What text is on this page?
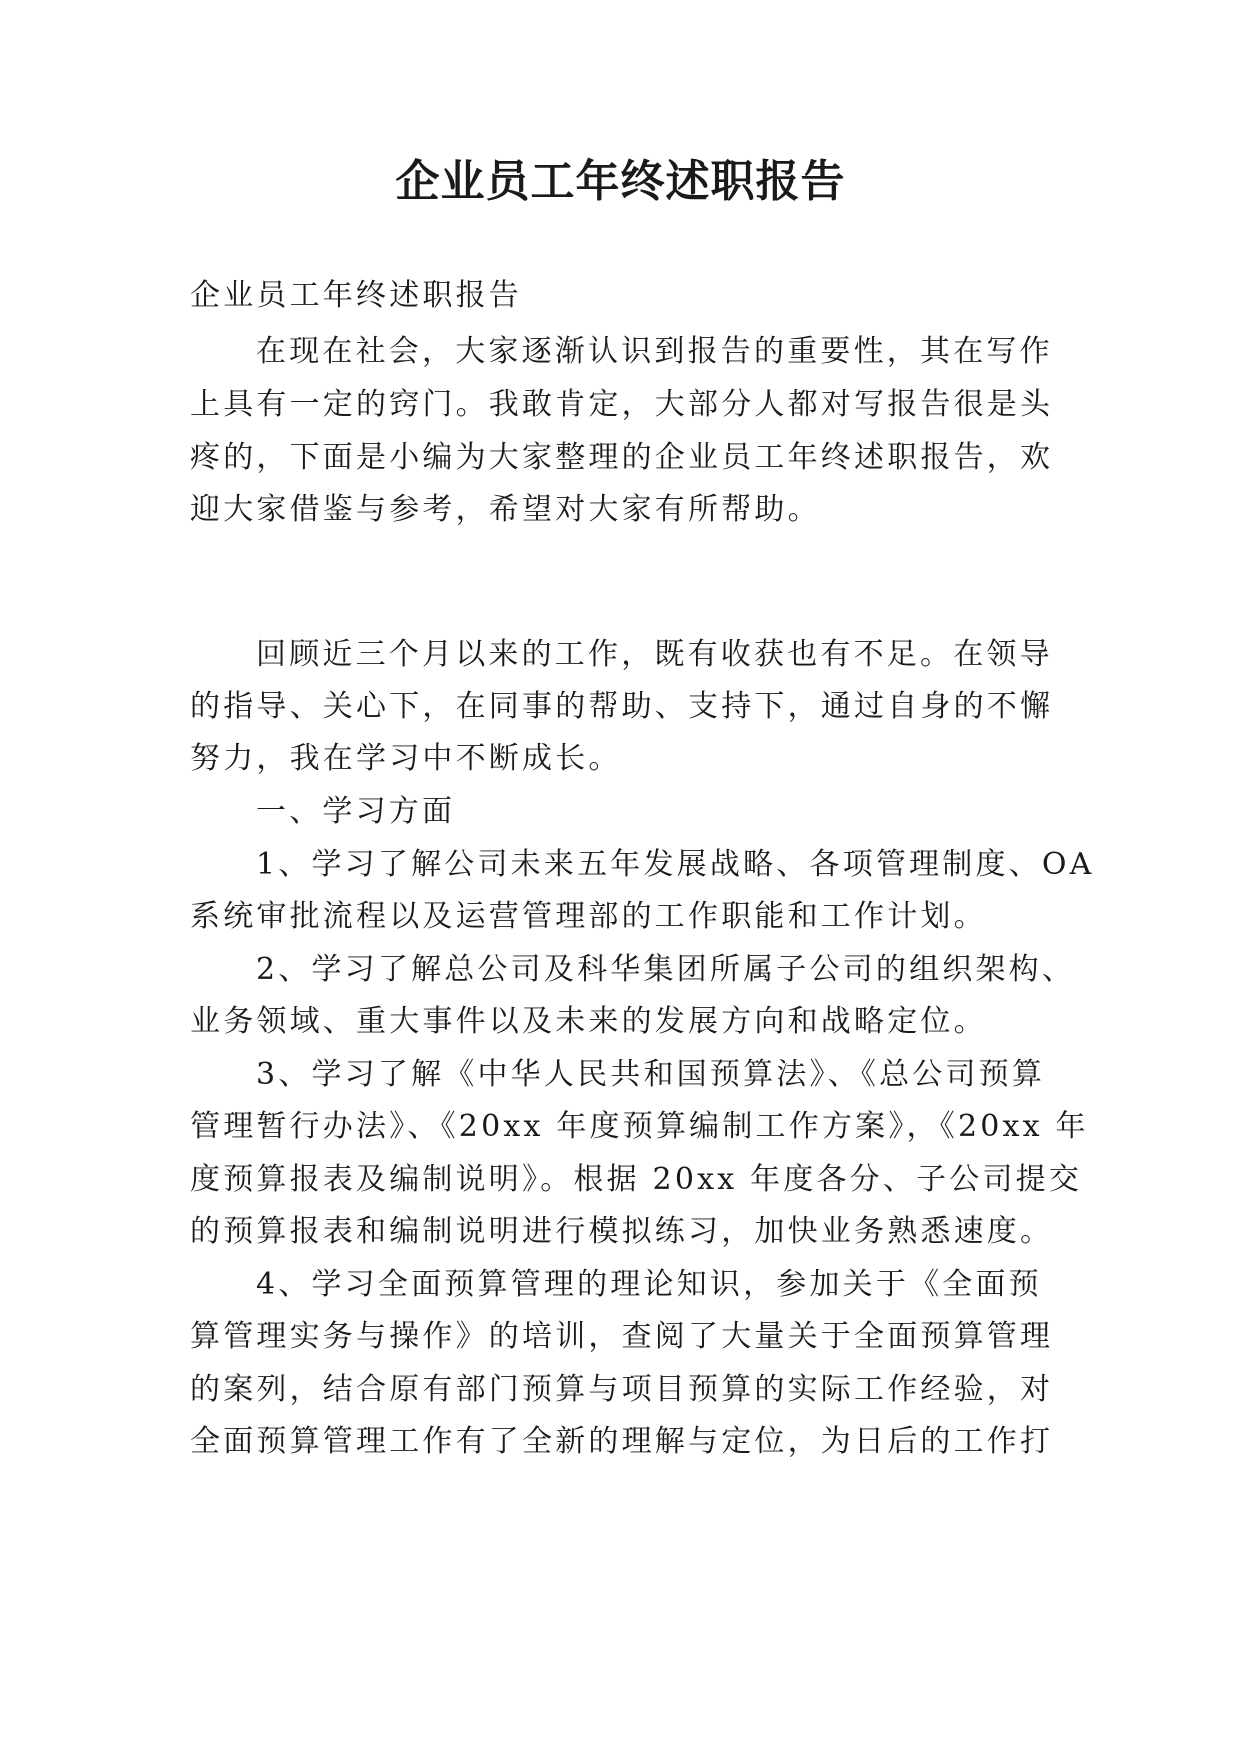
企业员工年终述职报告
企业员工年终述职报告
在现在社会，大家逐渐认识到报告的重要性，其在写作
上具有一定的窍门。我敢肯定，大部分人都对写报告很是头
疼的，下面是小编为大家整理的企业员工年终述职报告，欢
迎大家借鉴与参考，希望对大家有所帮助。
回顾近三个月以来的工作，既有收获也有不足。在领导
的指导、关心下，在同事的帮助、支持下，通过自身的不懈
努力，我在学习中不断成长。
一、学习方面
1、学习了解公司未来五年发展战略、各项管理制度、OA
系统审批流程以及运营管理部的工作职能和工作计划。
2、学习了解总公司及科华集团所属子公司的组织架构、
业务领域、重大事件以及未来的发展方向和战略定位。
3、学习了解《中华人民共和国预算法》、《总公司预算
管理暂行办法》、《20xx 年度预算编制工作方案》，《20xx 年
度预算报表及编制说明》。根据 20xx 年度各分、子公司提交
的预算报表和编制说明进行模拟练习，加快业务熟悉速度。
4、学习全面预算管理的理论知识，参加关于《全面预
算管理实务与操作》的培训，查阅了大量关于全面预算管理
的案列，结合原有部门预算与项目预算的实际工作经验，对
全面预算管理工作有了全新的理解与定位，为日后的工作打
